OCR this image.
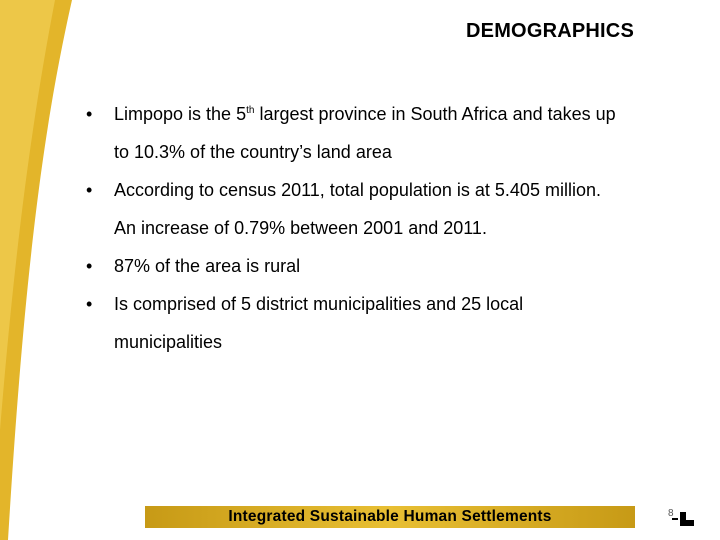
DEMOGRAPHICS
• Limpopo is the 5th largest province in South Africa and takes up
to 10.3% of the country’s land area
• According to census 2011, total population is at 5.405 million.
An increase of 0.79% between 2001 and 2011.
• 87% of the area is rural
• Is comprised of 5 district municipalities and 25 local
municipalities
Integrated Sustainable Human Settlements	8
